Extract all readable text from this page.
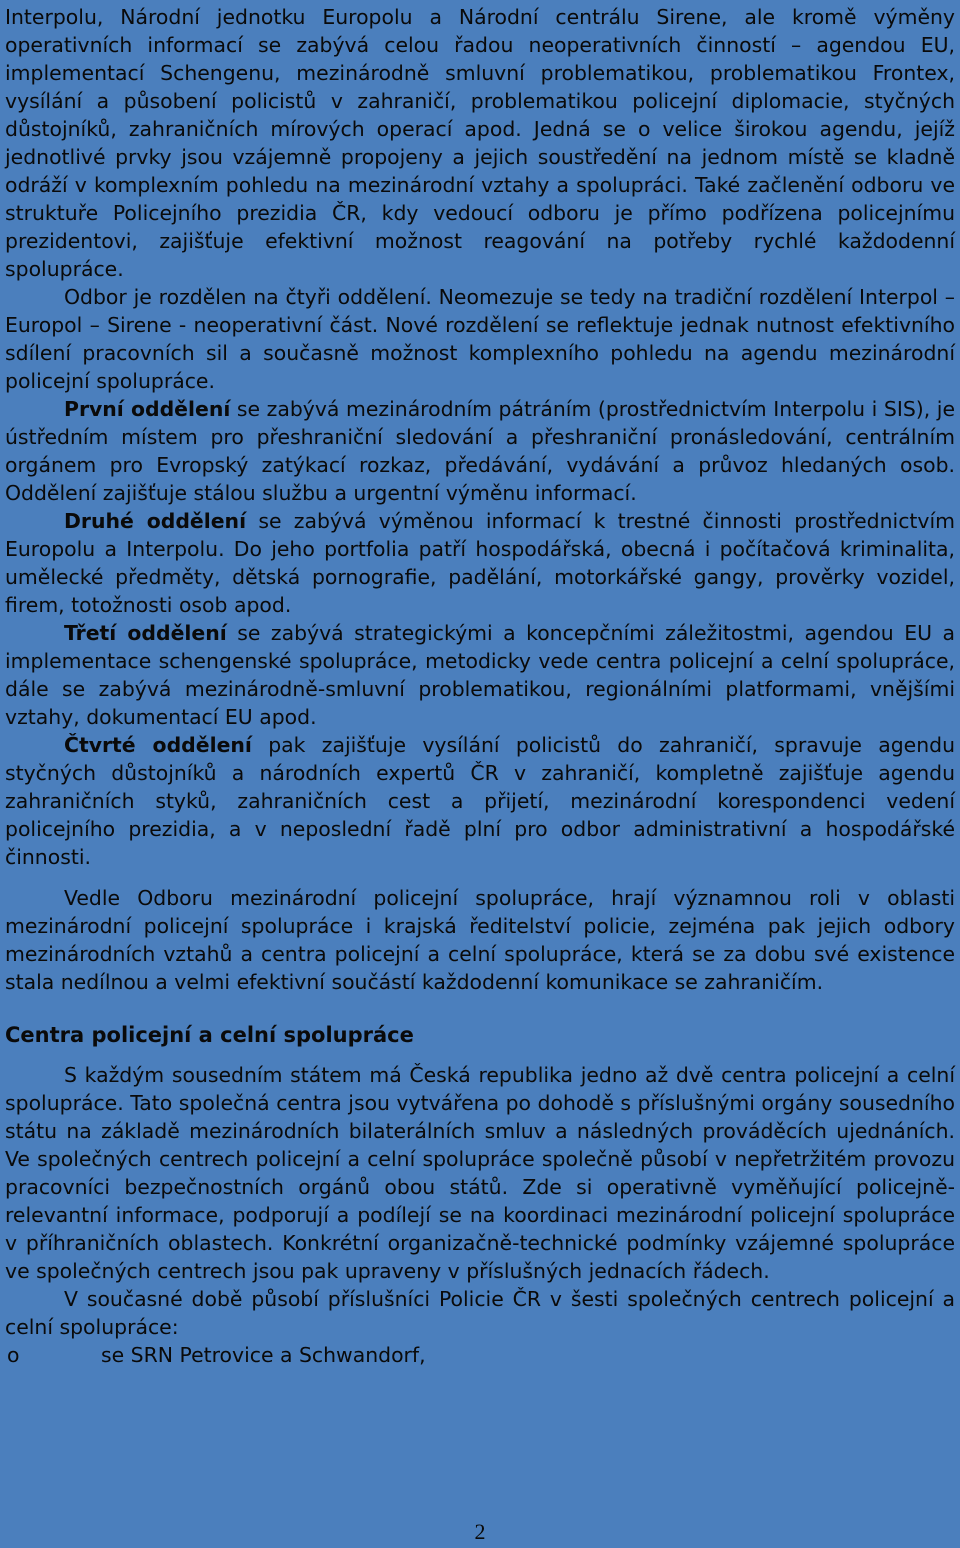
Interpolu, Národní jednotku Europolu a Národní centrálu Sirene, ale kromě výměny operativních informací se zabývá celou řadou neoperativních činností – agendou EU, implementací Schengenu, mezinárodně smluvní problematikou, problematikou Frontex, vysílání a působení policistů v zahraničí, problematikou policejní diplomacie, styčných důstojníků, zahraničních mírových operací apod. Jedná se o velice širokou agendu, jejíž jednotlivé prvky jsou vzájemně propojeny a jejich soustředění na jednom místě se kladně odráží v komplexním pohledu na mezinárodní vztahy a spolupráci. Také začlenění odboru ve struktuře Policejního prezidia ČR, kdy vedoucí odboru je přímo podřízena policejnímu prezidentovi, zajišťuje efektivní možnost reagování na potřeby rychlé každodenní spolupráce.

Odbor je rozdělen na čtyři oddělení. Neomezuje se tedy na tradiční rozdělení Interpol – Europol – Sirene - neoperativní část. Nové rozdělení se reflektuje jednak nutnost efektivního sdílení pracovních sil a současně možnost komplexního pohledu na agendu mezinárodní policejní spolupráce.

První oddělení se zabývá mezinárodním pátráním (prostřednictvím Interpolu i SIS), je ústředním místem pro přeshraniční sledování a přeshraniční pronásledování, centrálním orgánem pro Evropský zatýkací rozkaz, předávání, vydávání a průvoz hledaných osob. Oddělení zajišťuje stálou službu a urgentní výměnu informací.

Druhé oddělení se zabývá výměnou informací k trestné činnosti prostřednictvím Europolu a Interpolu. Do jeho portfolia patří hospodářská, obecná i počítačová kriminalita, umělecké předměty, dětská pornografie, padělání, motorkářské gangy, prověrky vozidel, firem, totožnosti osob apod.

Třetí oddělení se zabývá strategickými a koncepčními záležitostmi, agendou EU a implementace schengenské spolupráce, metodicky vede centra policejní a celní spolupráce, dále se zabývá mezinárodně-smluvní problematikou, regionálními platformami, vnějšími vztahy, dokumentací EU apod.

Čtvrté oddělení pak zajišťuje vysílání policistů do zahraničí, spravuje agendu styčných důstojníků a národních expertů ČR v zahraničí, kompletně zajišťuje agendu zahraničních styků, zahraničních cest a přijetí, mezinárodní korespondenci vedení policejního prezidia, a v neposlední řadě plní pro odbor administrativní a hospodářské činnosti.

Vedle Odboru mezinárodní policejní spolupráce, hrají významnou roli v oblasti mezinárodní policejní spolupráce i krajská ředitelství policie, zejména pak jejich odbory mezinárodních vztahů a centra policejní a celní spolupráce, která se za dobu své existence stala nedílnou a velmi efektivní součástí každodenní komunikace se zahraničím.

Centra policejní a celní spolupráce

S každým sousedním státem má Česká republika jedno až dvě centra policejní a celní spolupráce. Tato společná centra jsou vytvářena po dohodě s příslušnými orgány sousedního státu na základě mezinárodních bilaterálních smluv a následných prováděcích ujednáních. Ve společných centrech policejní a celní spolupráce společně působí v nepřetržitém provozu pracovníci bezpečnostních orgánů obou států. Zde si operativně vyměňující policejně-relevantní informace, podporují a podílejí se na koordinaci mezinárodní policejní spolupráce v příhraničních oblastech. Konkrétní organizačně-technické podmínky vzájemné spolupráce ve společných centrech jsou pak upraveny v příslušných jednacích řádech.

V současné době působí příslušníci Policie ČR v šesti společných centrech policejní a celní spolupráce:

o	se SRN Petrovice a Schwandorf,
2
